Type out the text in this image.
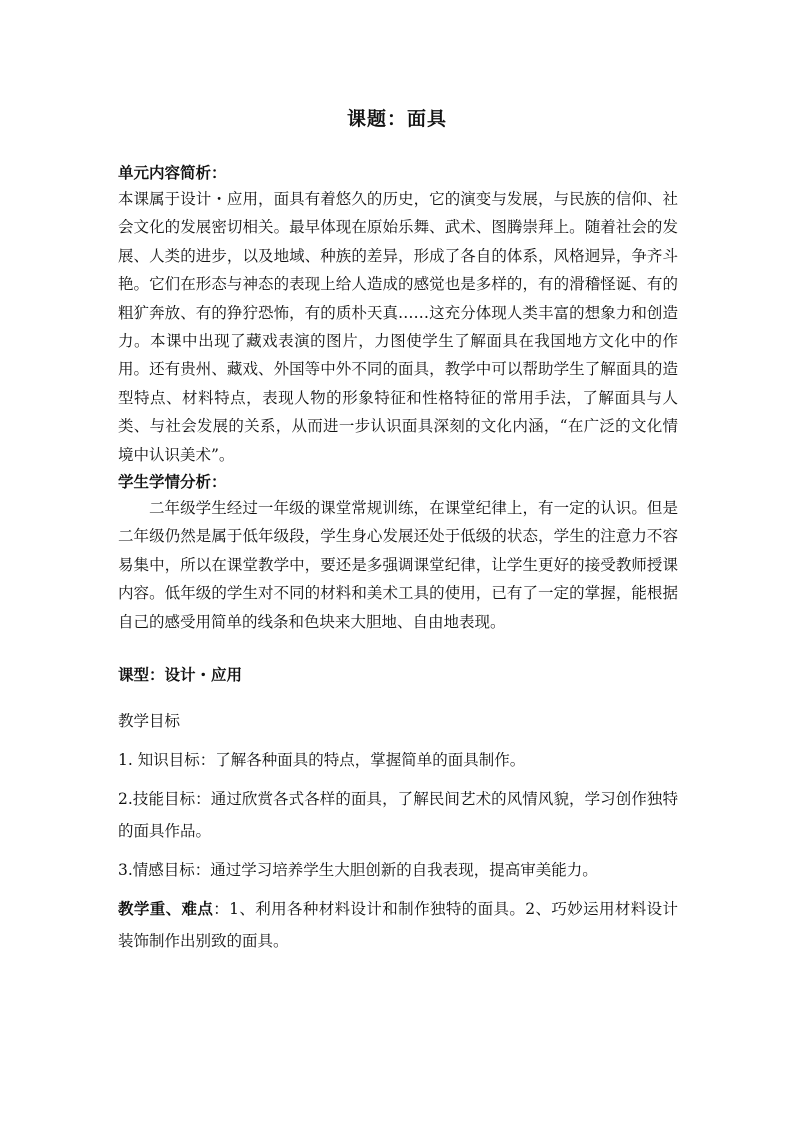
课题：面具

单元内容简析：

本课属于设计・应用，面具有着悠久的历史，它的演变与发展，与民族的信仰、社会文化的发展密切相关。最早体现在原始乐舞、武术、图腾崇拜上。随着社会的发展、人类的进步，以及地域、种族的差异，形成了各自的体系，风格迥异，争齐斗艳。它们在形态与神态的表现上给人造成的感觉也是多样的，有的滑稽怪诞、有的粗犷奔放、有的狰狞恐怖，有的质朴天真……这充分体现人类丰富的想象力和创造力。本课中出现了藏戏表演的图片，力图使学生了解面具在我国地方文化中的作用。还有贵州、藏戏、外国等中外不同的面具，教学中可以帮助学生了解面具的造型特点、材料特点，表现人物的形象特征和性格特征的常用手法，了解面具与人类、与社会发展的关系，从而进一步认识面具深刻的文化内涵，“在广泛的文化情境中认识美术”。

学生学情分析：

二年级学生经过一年级的课堂常规训练，在课堂纪律上，有一定的认识。但是二年级仍然是属于低年级段，学生身心发展还处于低级的状态，学生的注意力不容易集中，所以在课堂教学中，要还是多强调课堂纪律，让学生更好的接受教师授课内容。低年级的学生对不同的材料和美术工具的使用，已有了一定的掌握，能根据自己的感受用简单的线条和色块来大胆地、自由地表现。

课型：设计・应用

教学目标

1. 知识目标：了解各种面具的特点，掌握简单的面具制作。

2.技能目标：通过欣赏各式各样的面具，了解民间艺术的风情风貌，学习创作独特的面具作品。

3.情感目标：通过学习培养学生大胆创新的自我表现，提高审美能力。

教学重、难点：1、利用各种材料设计和制作独特的面具。2、巧妙运用材料设计装饰制作出别致的面具。
